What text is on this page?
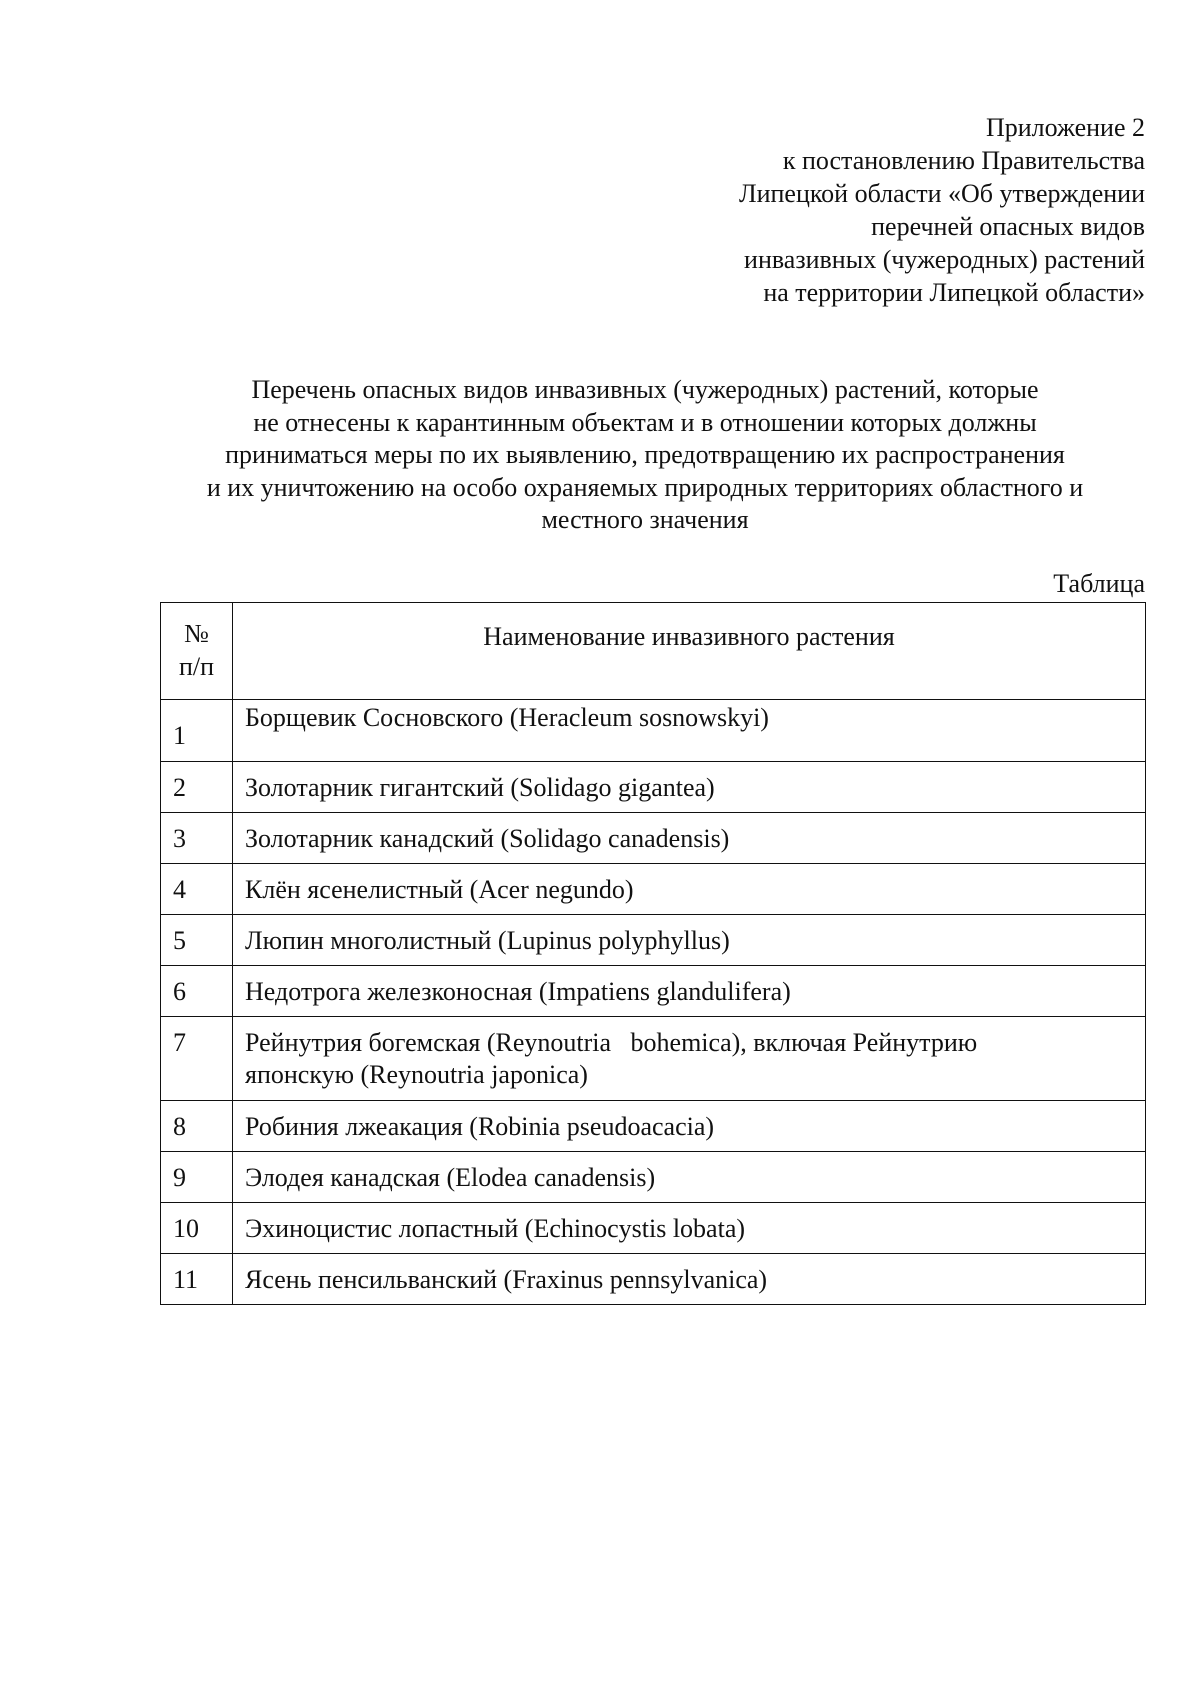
Приложение 2
к постановлению Правительства
Липецкой области «Об утверждении
перечней опасных видов
инвазивных (чужеродных) растений
на территории Липецкой области»
Перечень опасных видов инвазивных (чужеродных) растений, которые
не отнесены к карантинным объектам и в отношении которых должны
приниматься меры по их выявлению, предотвращению их распространения
и их уничтожению на особо охраняемых природных территориях областного и
местного значения
Таблица
№
п/п	Наименование инвазивного растения
1	Борщевик Сосновского (Heracleum sosnowskyi)
2	Золотарник гигантский (Solidago gigantea)
3	Золотарник канадский (Solidago canadensis)
4	Клён ясенелистный (Acer negundo)
5	Люпин многолистный (Lupinus polyphyllus)
6	Недотрога железконосная (Impatiens glandulifera)
7	Рейнутрия богемская (Reynoutria   bohemica), включая Рейнутрию
японскую (Reynoutria japonica)

8	Робиния лжеакация (Robinia pseudoacacia)
9	Элодея канадская (Elodea canadensis)
10	Эхиноцистис лопастный (Echinocystis lobata)
11	Ясень пенсильванский (Fraxinus pennsylvanica)
